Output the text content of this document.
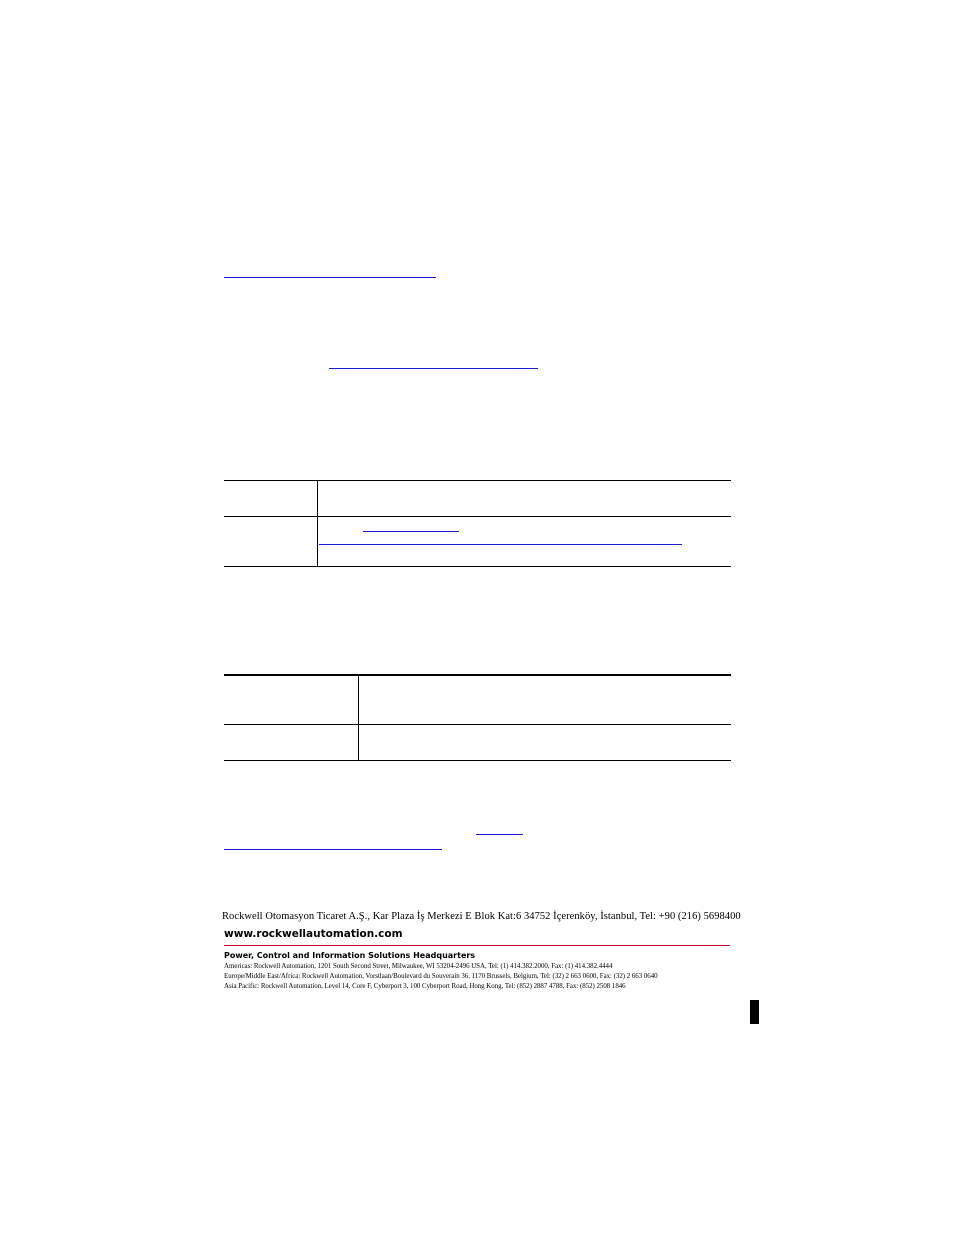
Rockwell Otomasyon Ticaret A.Ş., Kar Plaza İş Merkezi E Blok Kat:6 34752 İçerenköy, İstanbul, Tel: +90 (216) 5698400
www.rockwellautomation.com
Power, Control and Information Solutions Headquarters
Americas: Rockwell Automation, 1201 South Second Street, Milwaukee, WI 53204-2496 USA, Tel: (1) 414.382.2000, Fax: (1) 414.382.4444
Europe/Middle East/Africa: Rockwell Automation, Vorstlaan/Boulevard du Souverain 36, 1170 Brussels, Belgium, Tel: (32) 2 663 0600, Fax: (32) 2 663 0640
Asia Pacific: Rockwell Automation, Level 14, Core F, Cyberport 3, 100 Cyberport Road, Hong Kong, Tel: (852) 2887 4788, Fax: (852) 2508 1846
